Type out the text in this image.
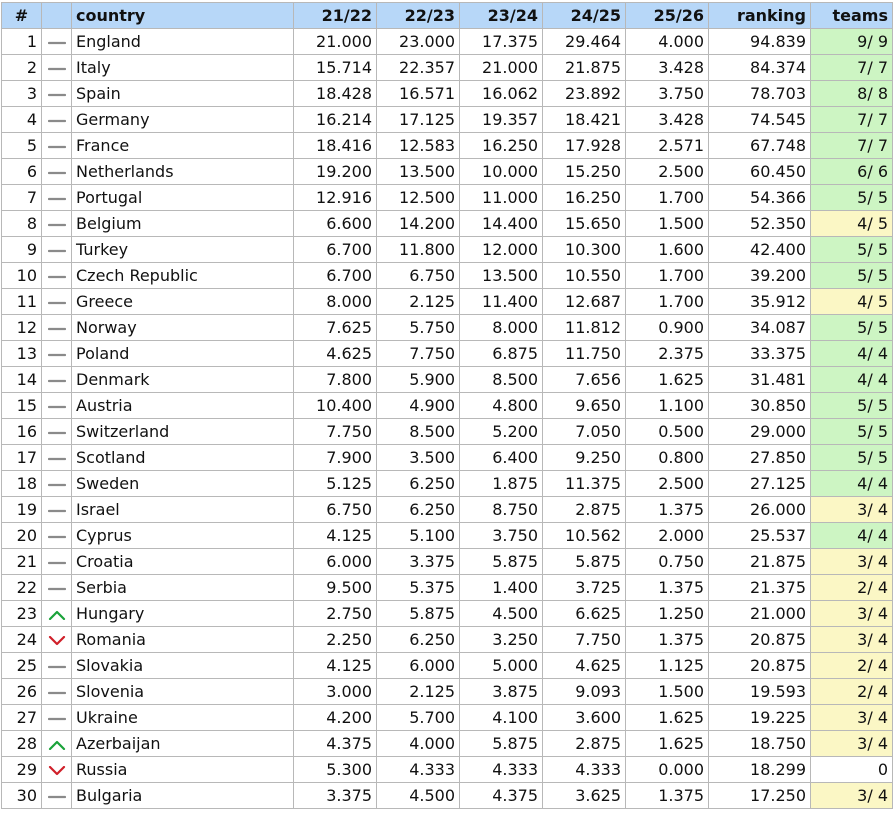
#		country	21/22	22/23	23/24	24/25	25/26	ranking	teams
1		England	21.000	23.000	17.375	29.464	4.000	94.839	9/ 9
2		Italy	15.714	22.357	21.000	21.875	3.428	84.374	7/ 7
3		Spain	18.428	16.571	16.062	23.892	3.750	78.703	8/ 8
4		Germany	16.214	17.125	19.357	18.421	3.428	74.545	7/ 7
5		France	18.416	12.583	16.250	17.928	2.571	67.748	7/ 7
6		Netherlands	19.200	13.500	10.000	15.250	2.500	60.450	6/ 6
7		Portugal	12.916	12.500	11.000	16.250	1.700	54.366	5/ 5
8		Belgium	6.600	14.200	14.400	15.650	1.500	52.350	4/ 5
9		Turkey	6.700	11.800	12.000	10.300	1.600	42.400	5/ 5
10		Czech Republic	6.700	6.750	13.500	10.550	1.700	39.200	5/ 5
11		Greece	8.000	2.125	11.400	12.687	1.700	35.912	4/ 5
12		Norway	7.625	5.750	8.000	11.812	0.900	34.087	5/ 5
13		Poland	4.625	7.750	6.875	11.750	2.375	33.375	4/ 4
14		Denmark	7.800	5.900	8.500	7.656	1.625	31.481	4/ 4
15		Austria	10.400	4.900	4.800	9.650	1.100	30.850	5/ 5
16		Switzerland	7.750	8.500	5.200	7.050	0.500	29.000	5/ 5
17		Scotland	7.900	3.500	6.400	9.250	0.800	27.850	5/ 5
18		Sweden	5.125	6.250	1.875	11.375	2.500	27.125	4/ 4
19		Israel	6.750	6.250	8.750	2.875	1.375	26.000	3/ 4
20		Cyprus	4.125	5.100	3.750	10.562	2.000	25.537	4/ 4
21		Croatia	6.000	3.375	5.875	5.875	0.750	21.875	3/ 4
22		Serbia	9.500	5.375	1.400	3.725	1.375	21.375	2/ 4
23		Hungary	2.750	5.875	4.500	6.625	1.250	21.000	3/ 4
24		Romania	2.250	6.250	3.250	7.750	1.375	20.875	3/ 4
25		Slovakia	4.125	6.000	5.000	4.625	1.125	20.875	2/ 4
26		Slovenia	3.000	2.125	3.875	9.093	1.500	19.593	2/ 4
27		Ukraine	4.200	5.700	4.100	3.600	1.625	19.225	3/ 4
28		Azerbaijan	4.375	4.000	5.875	2.875	1.625	18.750	3/ 4
29		Russia	5.300	4.333	4.333	4.333	0.000	18.299	0
30		Bulgaria	3.375	4.500	4.375	3.625	1.375	17.250	3/ 4
